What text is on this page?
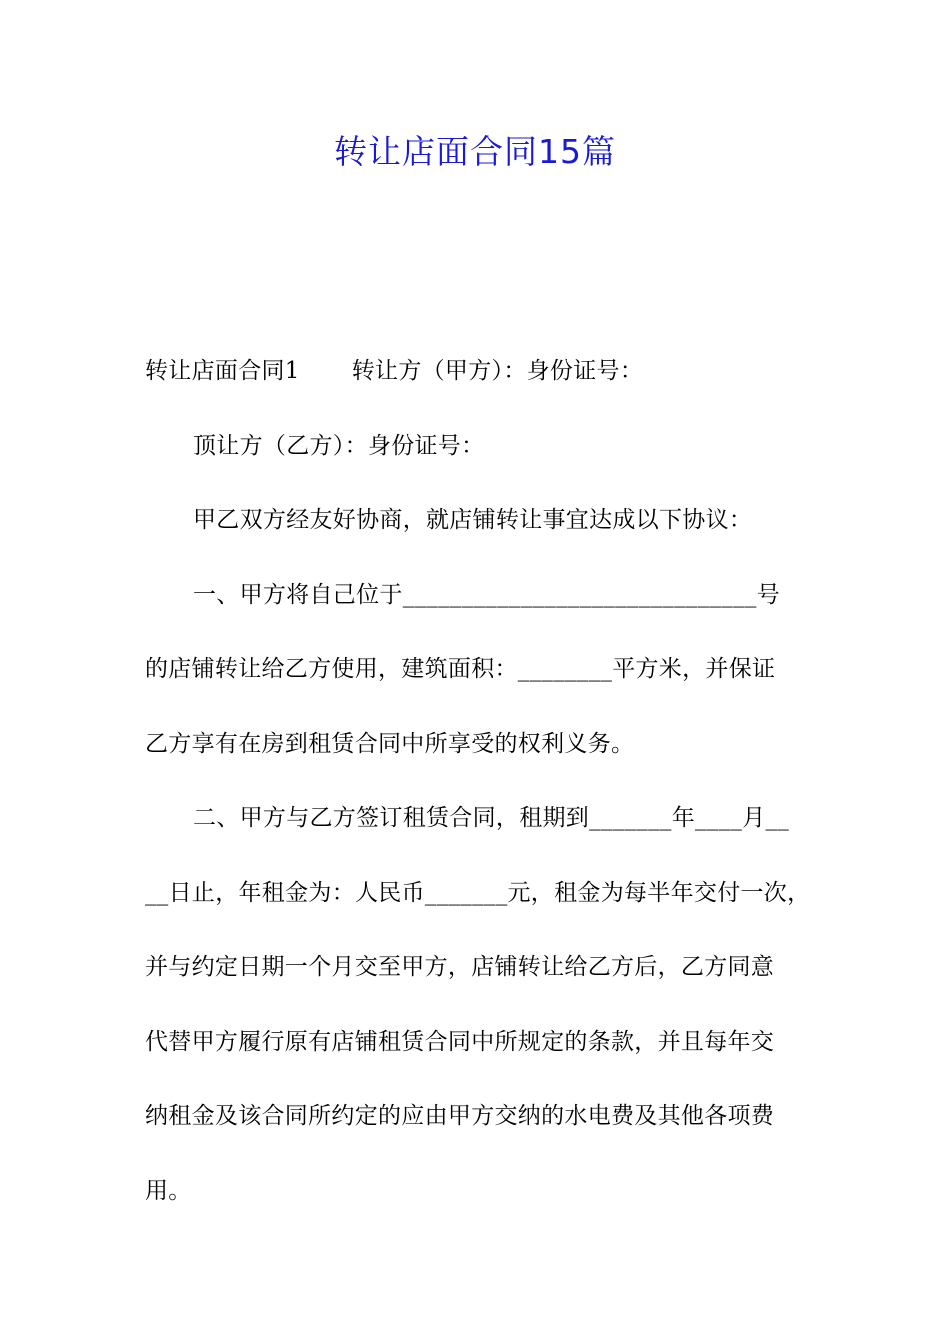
转让店面合同15篇
转让店面合同1 转让方（甲方）：身份证号：
顶让方（乙方）：身份证号：
甲乙双方经友好协商，就店铺转让事宜达成以下协议：
一、甲方将自己位于______________________________号
的店铺转让给乙方使用，建筑面积：________平方米，并保证
乙方享有在房到租赁合同中所享受的权利义务。
二、甲方与乙方签订租赁合同，租期到_______年____月__
__日止，年租金为：人民币_______元，租金为每半年交付一次，
并与约定日期一个月交至甲方，店铺转让给乙方后，乙方同意
代替甲方履行原有店铺租赁合同中所规定的条款，并且每年交
纳租金及该合同所约定的应由甲方交纳的水电费及其他各项费
用。
